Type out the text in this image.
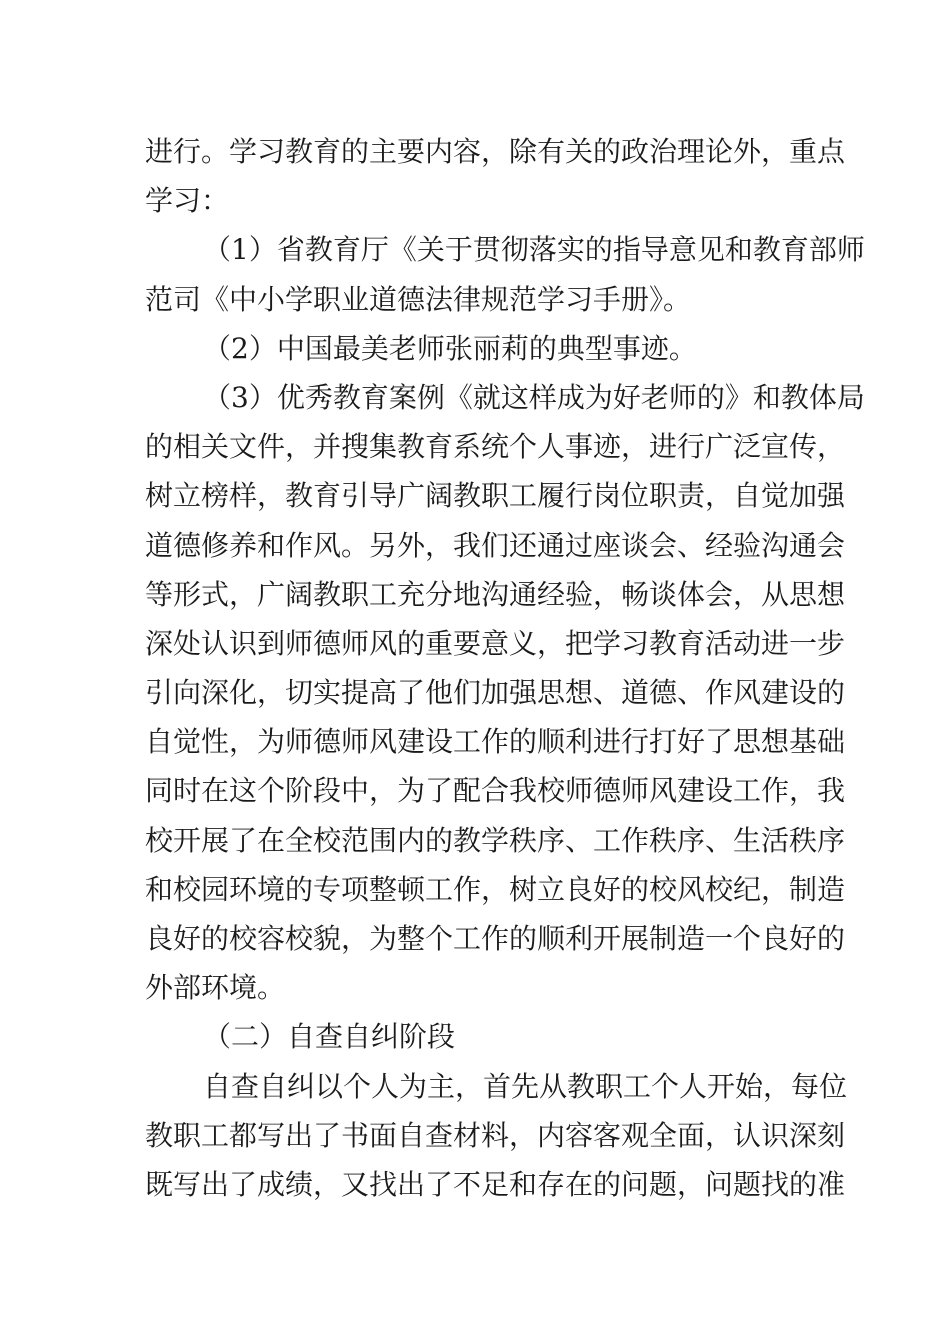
进行。学习教育的主要内容，除有关的政治理论外，重点
学习：
（1）省教育厅《关于贯彻落实的指导意见和教育部师
范司《中小学职业道德法律规范学习手册》。
（2）中国最美老师张丽莉的典型事迹。
（3）优秀教育案例《就这样成为好老师的》和教体局
的相关文件，并搜集教育系统个人事迹，进行广泛宣传，
树立榜样，教育引导广阔教职工履行岗位职责，自觉加强
道德修养和作风。另外，我们还通过座谈会、经验沟通会
等形式，广阔教职工充分地沟通经验，畅谈体会，从思想
深处认识到师德师风的重要意义，把学习教育活动进一步
引向深化，切实提高了他们加强思想、道德、作风建设的
自觉性，为师德师风建设工作的顺利进行打好了思想基础
同时在这个阶段中，为了配合我校师德师风建设工作，我
校开展了在全校范围内的教学秩序、工作秩序、生活秩序
和校园环境的专项整顿工作，树立良好的校风校纪，制造
良好的校容校貌，为整个工作的顺利开展制造一个良好的
外部环境。
（二）自查自纠阶段
自查自纠以个人为主，首先从教职工个人开始，每位
教职工都写出了书面自查材料，内容客观全面，认识深刻
既写出了成绩，又找出了不足和存在的问题，问题找的准
